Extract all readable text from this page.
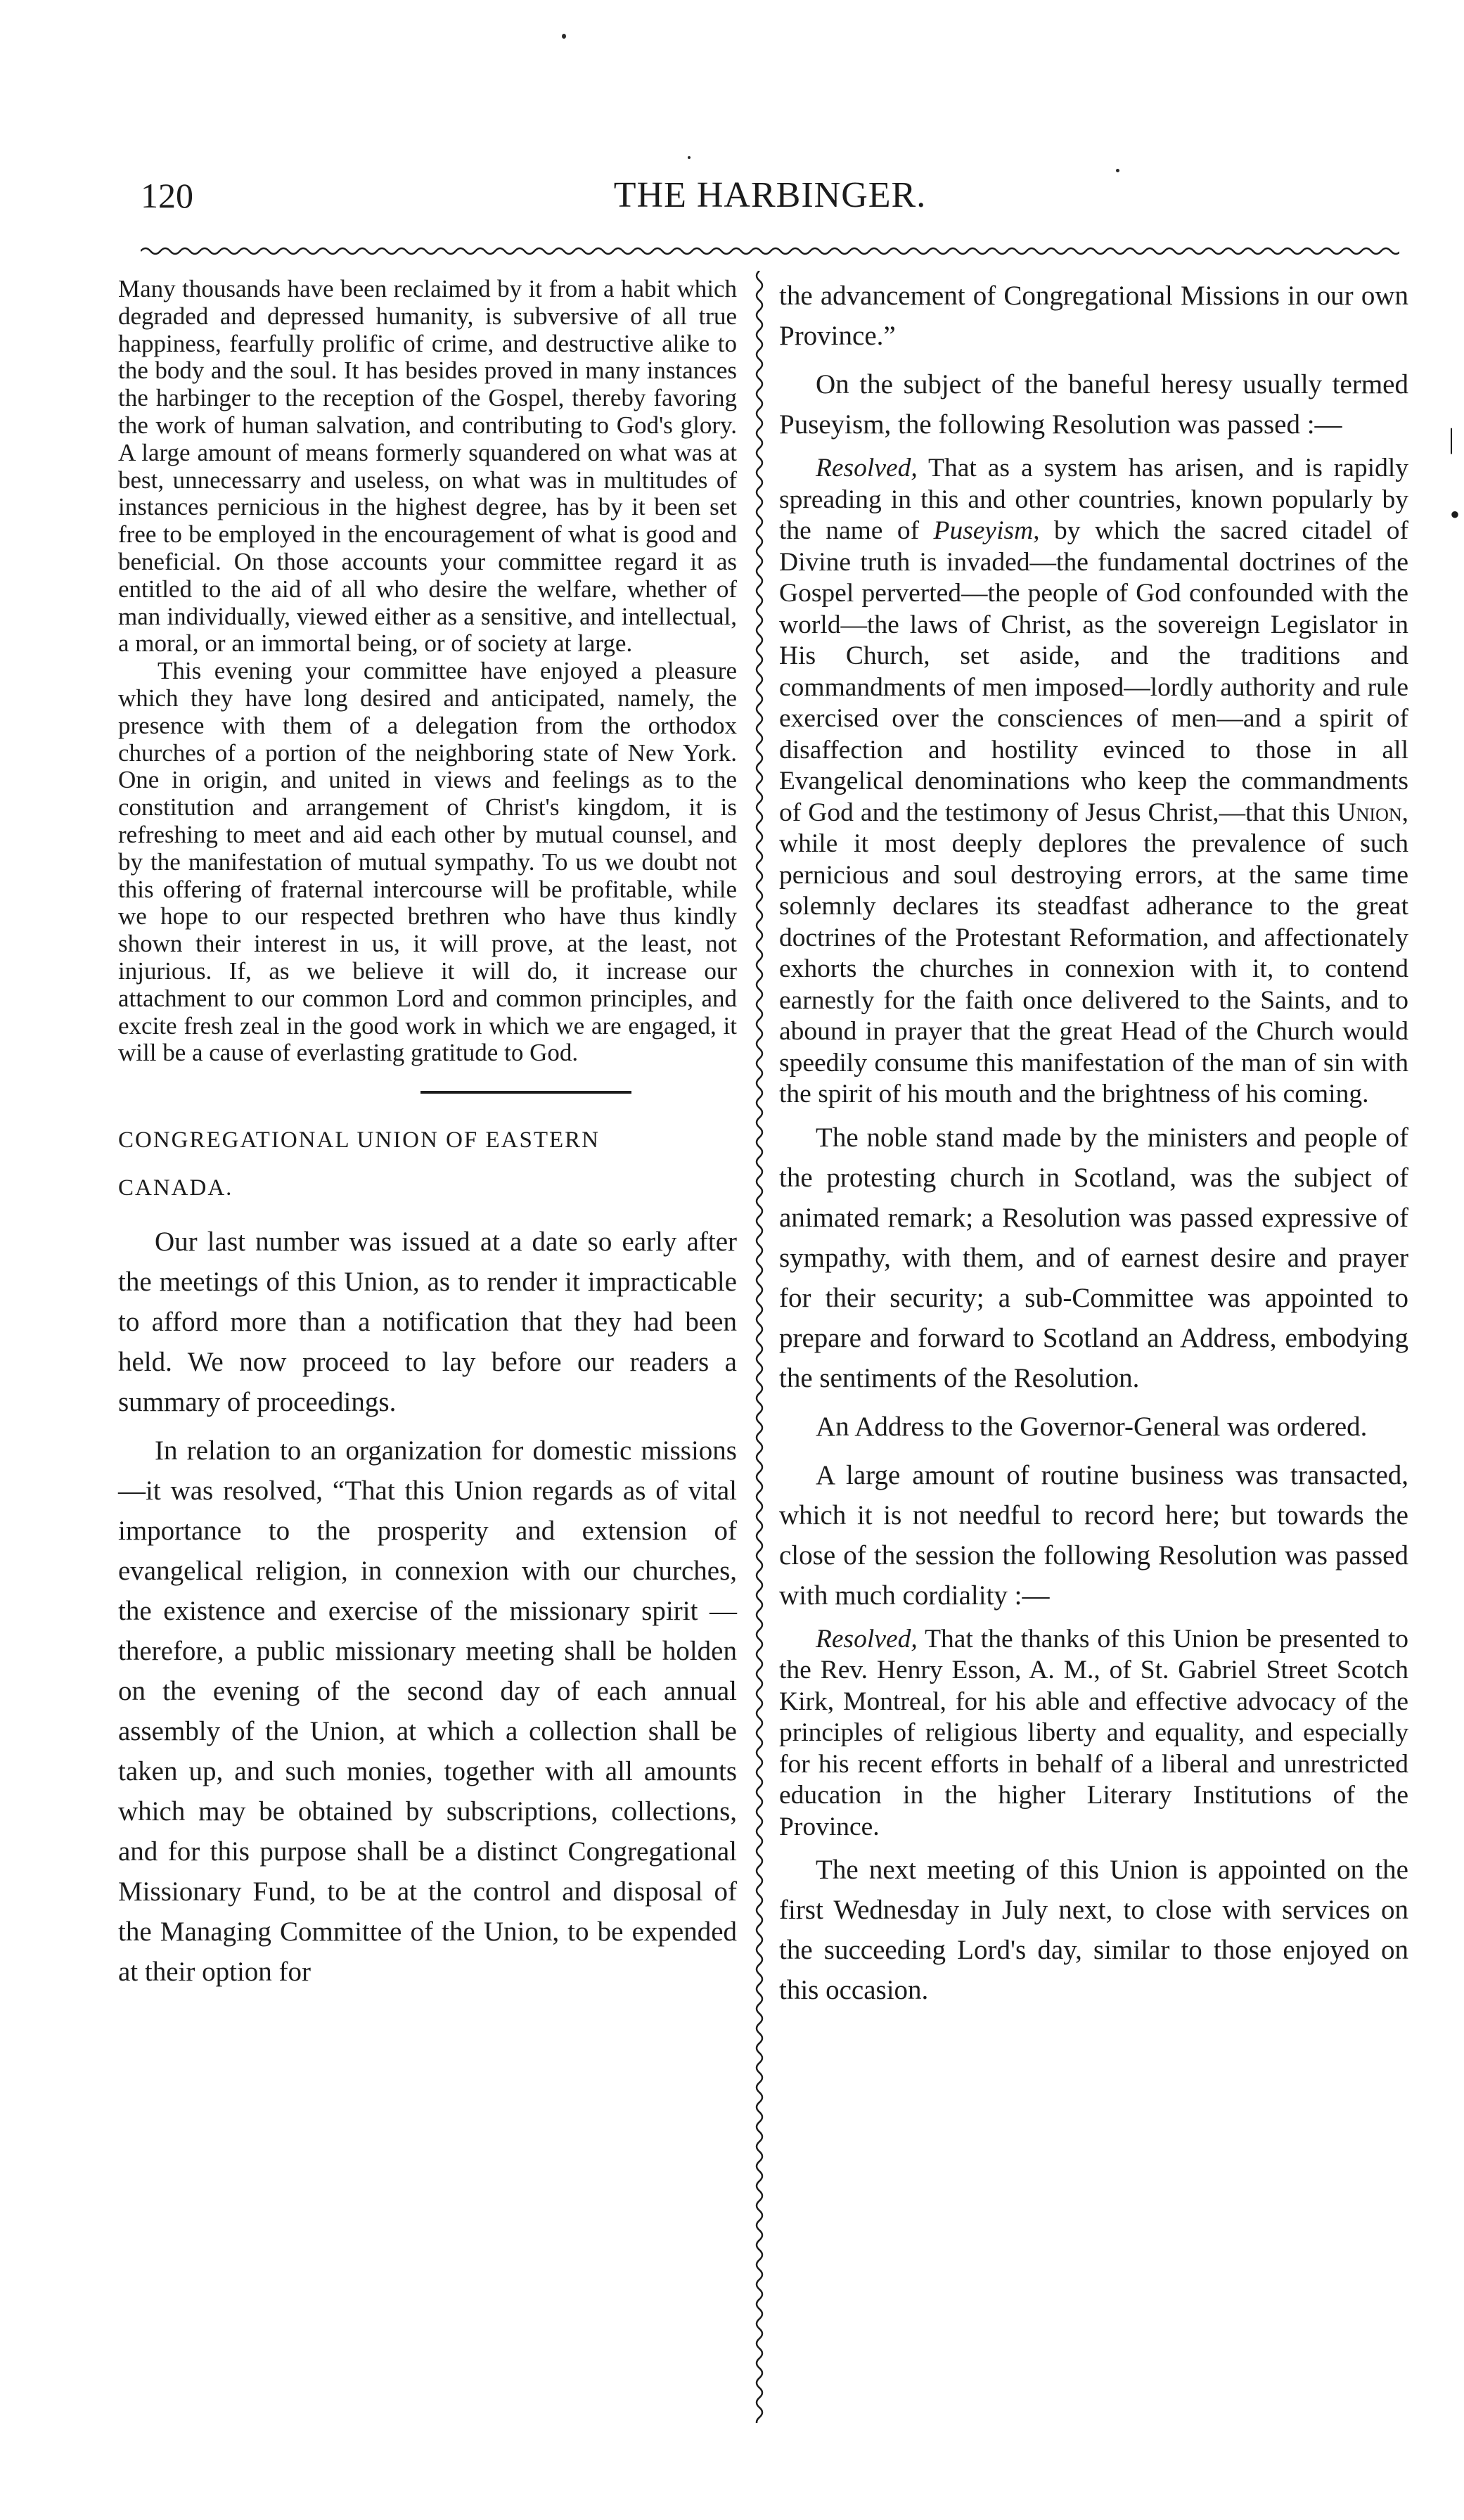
|
•
120	THE HARBINGER.

Many thousands have been reclaimed by it from a habit which degraded and depressed humanity, is subversive of all true happiness, fearfully prolific of crime, and destructive alike to the body and the soul. It has besides proved in many instances the harbinger to the reception of the Gospel, thereby favoring the work of human salvation, and contributing to God's glory. A large amount of means formerly squandered on what was at best, unnecessarry and useless, on what was in multitudes of instances pernicious in the highest degree, has by it been set free to be employed in the encouragement of what is good and beneficial. On those accounts your committee regard it as entitled to the aid of all who desire the welfare, whether of man individually, viewed either as a sensitive, and intellectual, a moral, or an immortal being, or of society at large.

This evening your committee have enjoyed a pleasure which they have long desired and anticipated, namely, the presence with them of a delegation from the orthodox churches of a portion of the neighboring state of New York. One in origin, and united in views and feelings as to the constitution and arrangement of Christ's kingdom, it is refreshing to meet and aid each other by mutual counsel, and by the manifestation of mutual sympathy. To us we doubt not this offering of fraternal intercourse will be profitable, while we hope to our respected brethren who have thus kindly shown their interest in us, it will prove, at the least, not injurious. If, as we believe it will do, it increase our attachment to our common Lord and common principles, and excite fresh zeal in the good work in which we are engaged, it will be a cause of everlasting gratitude to God.

CONGREGATIONAL UNION OF EASTERN

CANADA.

Our last number was issued at a date so early after the meetings of this Union, as to render it impracticable to afford more than a notification that they had been held. We now proceed to lay before our readers a summary of proceedings.

In relation to an organization for domestic missions—it was resolved, “That this Union regards as of vital importance to the prosperity and extension of evangelical religion, in connexion with our churches, the existence and exercise of the missionary spirit —therefore, a public missionary meeting shall be holden on the evening of the second day of each annual assembly of the Union, at which a collection shall be taken up, and such monies, together with all amounts which may be obtained by subscriptions, collections, and for this purpose shall be a distinct Congregational Missionary Fund, to be at the control and disposal of the Managing Committee of the Union, to be expended at their option for

the advancement of Congregational Missions in our own Province.”

On the subject of the baneful heresy usually termed Puseyism, the following Resolution was passed :—

Resolved, That as a system has arisen, and is rapidly spreading in this and other countries, known popularly by the name of Puseyism, by which the sacred citadel of Divine truth is invaded—the fundamental doctrines of the Gospel perverted—the people of God confounded with the world—the laws of Christ, as the sovereign Legislator in His Church, set aside, and the traditions and commandments of men imposed—lordly authority and rule exercised over the consciences of men—and a spirit of disaffection and hostility evinced to those in all Evangelical denominations who keep the commandments of God and the testimony of Jesus Christ,—that this Union, while it most deeply deplores the prevalence of such pernicious and soul destroying errors, at the same time solemnly declares its steadfast adherance to the great doctrines of the Protestant Reformation, and affectionately exhorts the churches in connexion with it, to contend earnestly for the faith once delivered to the Saints, and to abound in prayer that the great Head of the Church would speedily consume this manifestation of the man of sin with the spirit of his mouth and the brightness of his coming.

The noble stand made by the ministers and people of the protesting church in Scotland, was the subject of animated remark; a Resolution was passed expressive of sympathy, with them, and of earnest desire and prayer for their security; a sub-Committee was appointed to prepare and forward to Scotland an Address, embodying the sentiments of the Resolution.

An Address to the Governor-General was ordered.

A large amount of routine business was transacted, which it is not needful to record here; but towards the close of the session the following Resolution was passed with much cordiality :—

Resolved, That the thanks of this Union be presented to the Rev. Henry Esson, A. M., of St. Gabriel Street Scotch Kirk, Montreal, for his able and effective advocacy of the principles of religious liberty and equality, and especially for his recent efforts in behalf of a liberal and unrestricted education in the higher Literary Institutions of the Province.

The next meeting of this Union is appointed on the first Wednesday in July next, to close with services on the succeeding Lord's day, similar to those enjoyed on this occasion.
